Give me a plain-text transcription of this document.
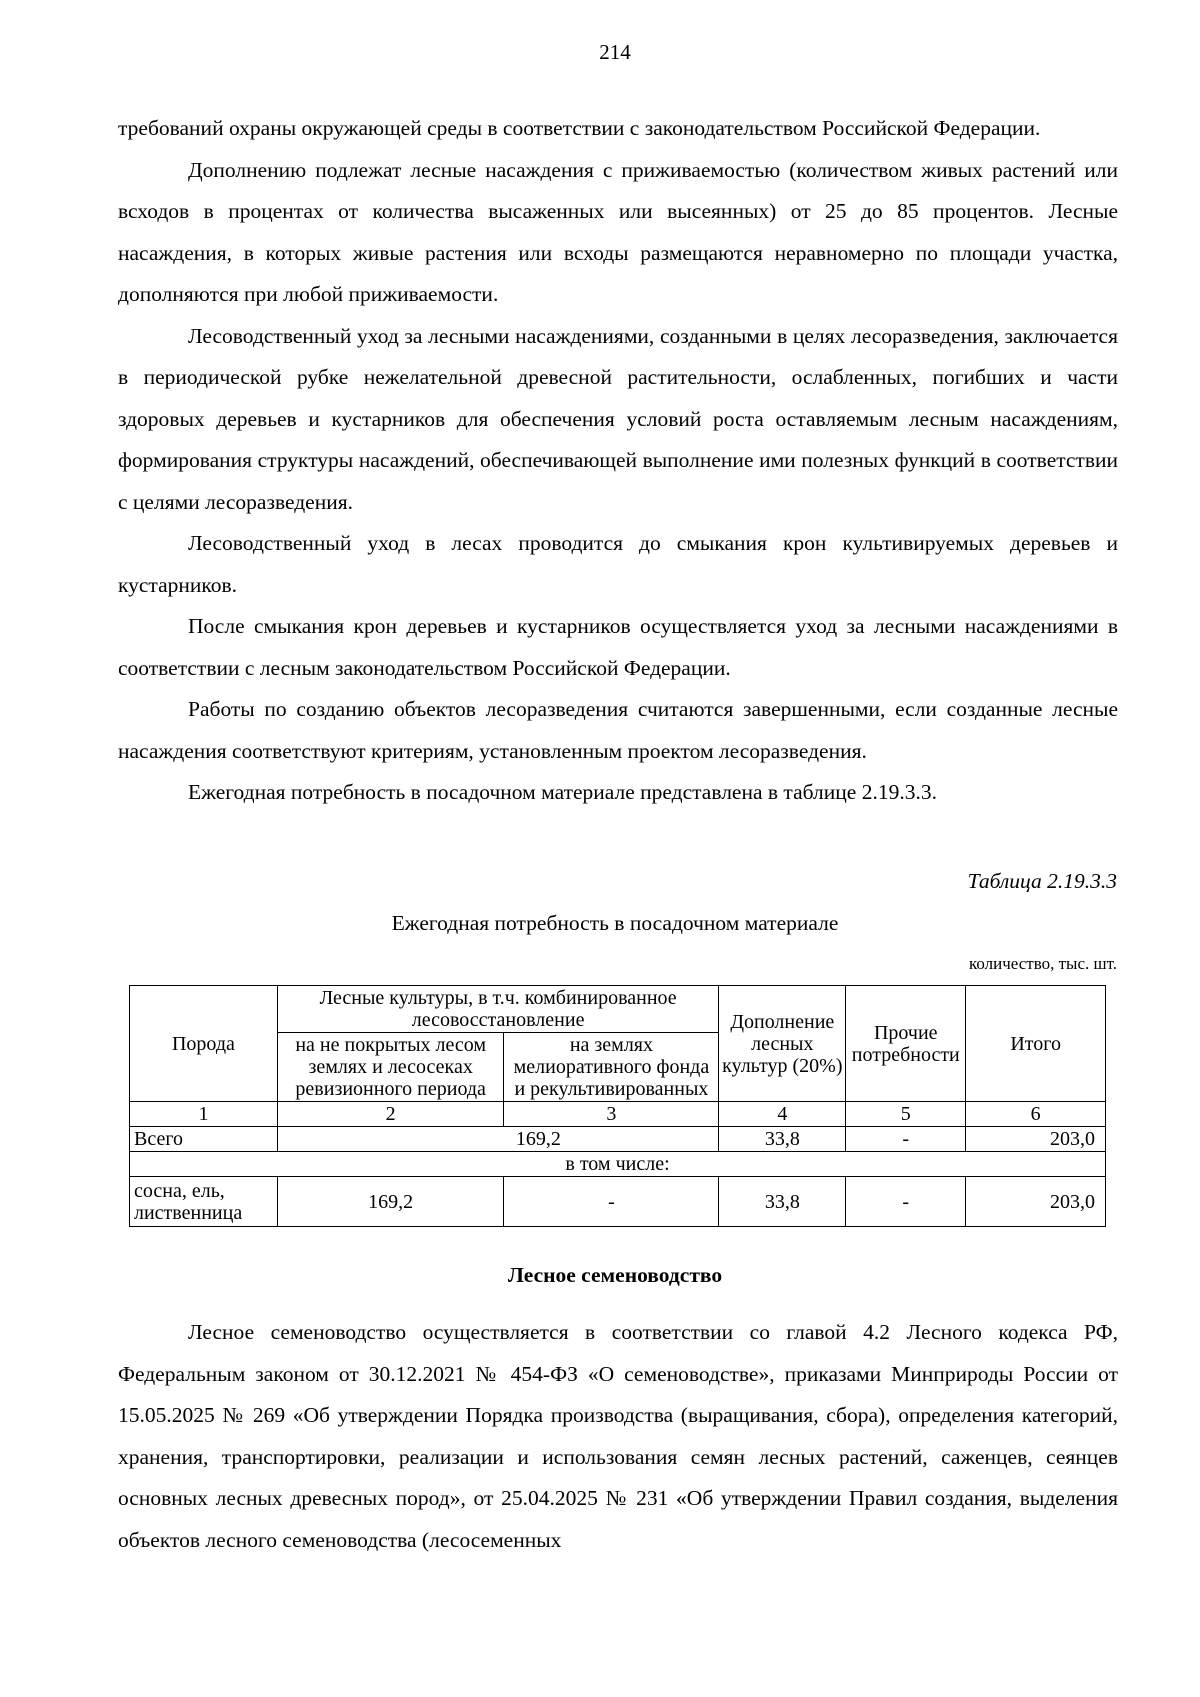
214

требований охраны окружающей среды в соответствии с законодательством Российской Федерации.

Дополнению подлежат лесные насаждения с приживаемостью (количеством живых растений или всходов в процентах от количества высаженных или высеянных) от 25 до 85 процентов. Лесные насаждения, в которых живые растения или всходы размещаются неравномерно по площади участка, дополняются при любой приживаемости.

Лесоводственный уход за лесными насаждениями, созданными в целях лесоразведения, заключается в периодической рубке нежелательной древесной растительности, ослабленных, погибших и части здоровых деревьев и кустарников для обеспечения условий роста оставляемым лесным насаждениям, формирования структуры насаждений, обеспечивающей выполнение ими полезных функций в соответствии с целями лесоразведения.

Лесоводственный уход в лесах проводится до смыкания крон культивируемых деревьев и кустарников.

После смыкания крон деревьев и кустарников осуществляется уход за лесными насаждениями в соответствии с лесным законодательством Российской Федерации.

Работы по созданию объектов лесоразведения считаются завершенными, если созданные лесные насаждения соответствуют критериям, установленным проектом лесоразведения.

Ежегодная потребность в посадочном материале представлена в таблице 2.19.3.3.

Таблица 2.19.3.3
Ежегодная потребность в посадочном материале
количество, тыс. шт.
Порода	Лесные культуры, в т.ч. комбинированное лесовосстановление		Дополнение лесных культур (20%)	Прочие потребности	Итого
	на не покрытых лесом землях и лесосеках ревизионного периода	на землях мелиоративного фонда и рекультивированных			
1	2	3	4	5	6
Всего	169,2		33,8	-	203,0
в том числе:					
сосна, ель, лиственница	169,2	-	33,8	-	203,0
Лесное семеноводство

Лесное семеноводство осуществляется в соответствии со главой 4.2 Лесного кодекса РФ, Федеральным законом от 30.12.2021 № 454-ФЗ «О семеноводстве», приказами Минприроды России от 15.05.2025 № 269 «Об утверждении Порядка производства (выращивания, сбора), определения категорий, хранения, транспортировки, реализации и использования семян лесных растений, саженцев, сеянцев основных лесных древесных пород», от 25.04.2025 № 231 «Об утверждении Правил создания, выделения объектов лесного семеноводства (лесосеменных
